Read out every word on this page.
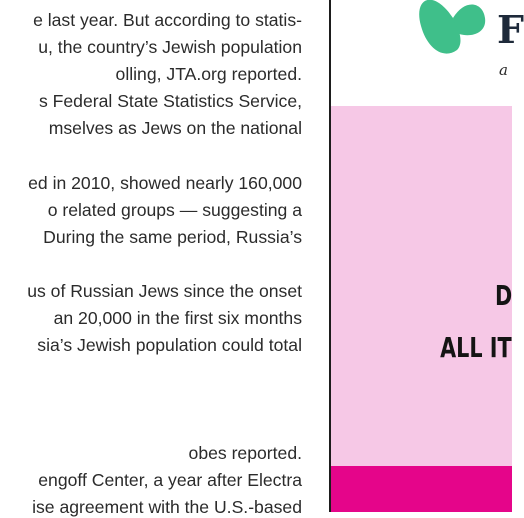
e last year. But according to statis-
u, the country’s Jewish population
olling, JTA.org reported.
s Federal State Statistics Service,
mselves as Jews on the national
ed in 2010, showed nearly 160,000
o related groups — suggesting a
During the same period, Russia’s
us of Russian Jews since the onset
an 20,000 in the first six months
sia’s Jewish population could total
obes reported.
engoff Center, a year after Electra
ise agreement with the U.S.-based
F
a
D
ALL IT
